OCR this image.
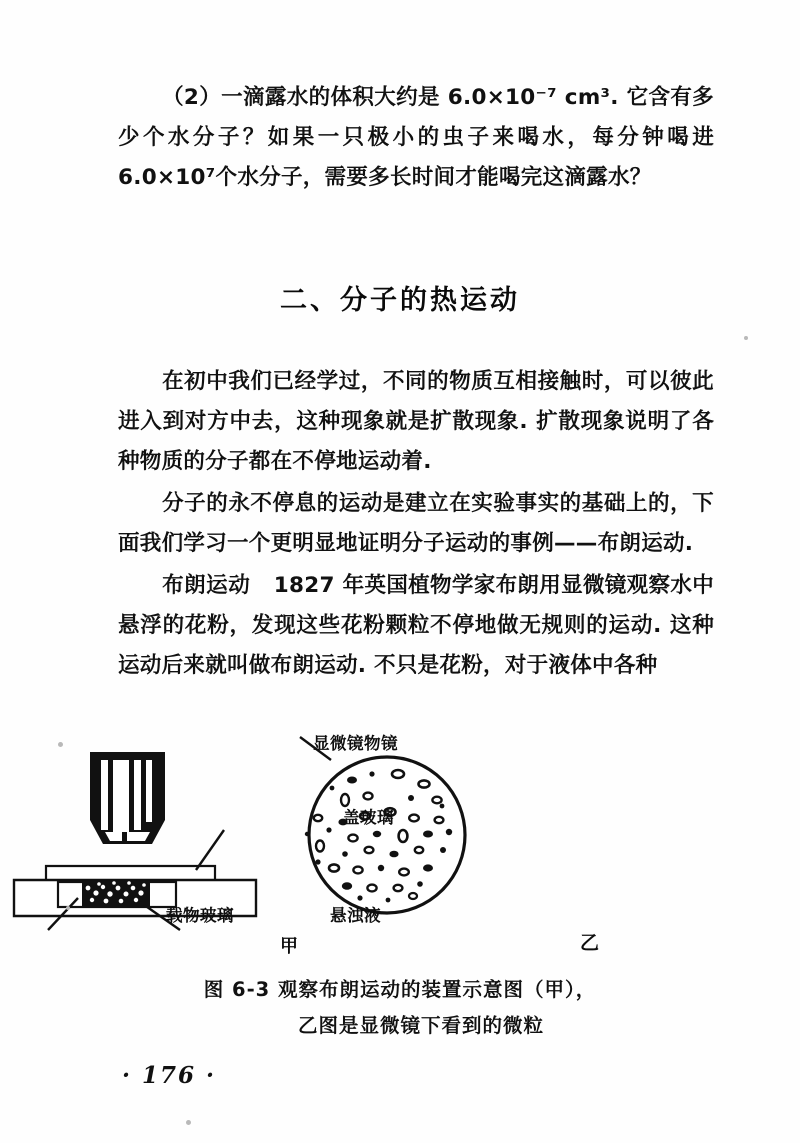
（2）一滴露水的体积大约是 6.0×10⁻⁷ cm³. 它含有多少个水分子？如果一只极小的虫子来喝水，每分钟喝进 6.0×10⁷个水分子，需要多长时间才能喝完这滴露水？

二、分子的热运动

在初中我们已经学过，不同的物质互相接触时，可以彼此进入到对方中去，这种现象就是扩散现象. 扩散现象说明了各种物质的分子都在不停地运动着.

分子的永不停息的运动是建立在实验事实的基础上的，下面我们学习一个更明显地证明分子运动的事例——布朗运动.

布朗运动 1827 年英国植物学家布朗用显微镜观察水中悬浮的花粉，发现这些花粉颗粒不停地做无规则的运动. 这种运动后来就叫做布朗运动. 不只是花粉，对于液体中各种

显微镜物镜
盖玻璃
载物玻璃	悬浊液
甲	乙
图 6-3 观察布朗运动的装置示意图（甲），
乙图是显微镜下看到的微粒
· 176 ·
